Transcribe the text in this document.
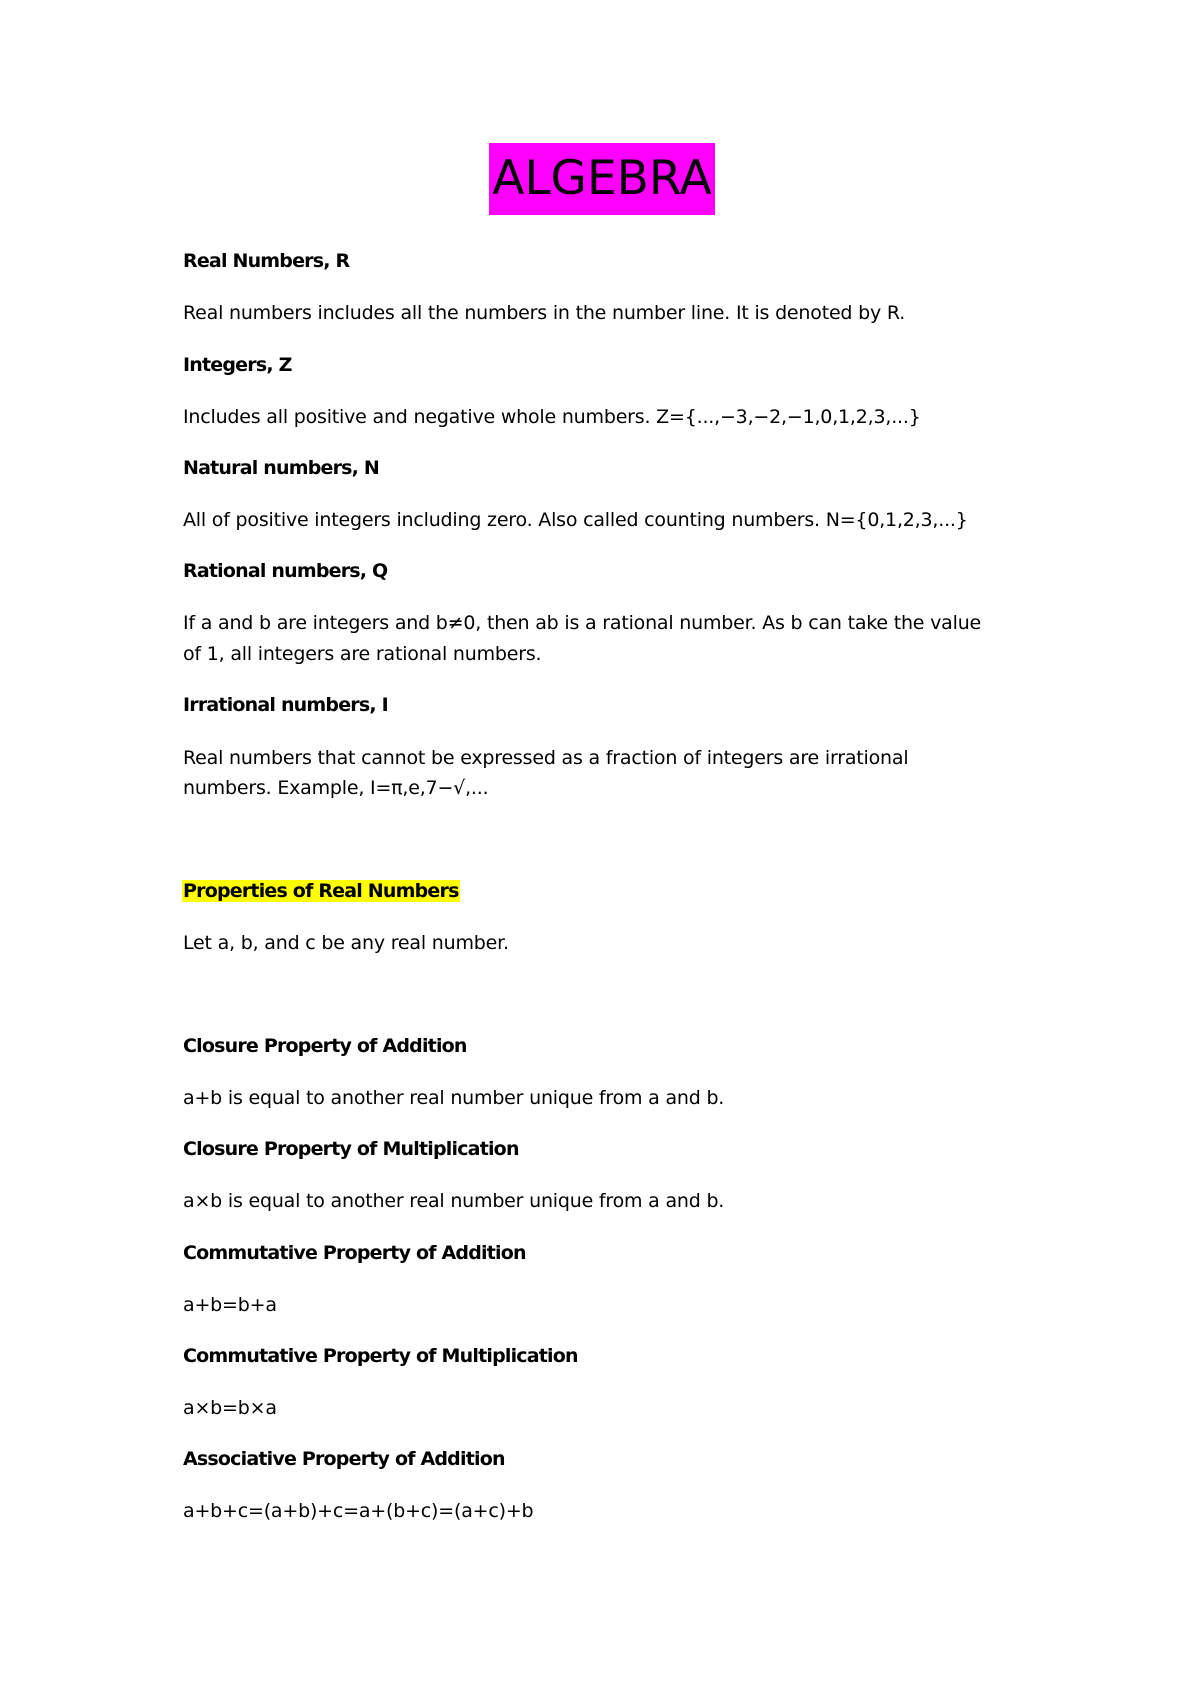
ALGEBRA
Real Numbers, R
Real numbers includes all the numbers in the number line. It is denoted by R.
Integers, Z
Includes all positive and negative whole numbers. Z={...,−3,−2,−1,0,1,2,3,...}
Natural numbers, N
All of positive integers including zero. Also called counting numbers. N={0,1,2,3,...}
Rational numbers, Q
If a and b are integers and b≠0, then ab is a rational number. As b can take the value
of 1, all integers are rational numbers.
Irrational numbers, I
Real numbers that cannot be expressed as a fraction of integers are irrational
numbers. Example, I=π,e,7−√,...
Properties of Real Numbers
Let a, b, and c be any real number.
Closure Property of Addition
a+b is equal to another real number unique from a and b.
Closure Property of Multiplication
a×b is equal to another real number unique from a and b.
Commutative Property of Addition
a+b=b+a
Commutative Property of Multiplication
a×b=b×a
Associative Property of Addition
a+b+c=(a+b)+c=a+(b+c)=(a+c)+b
